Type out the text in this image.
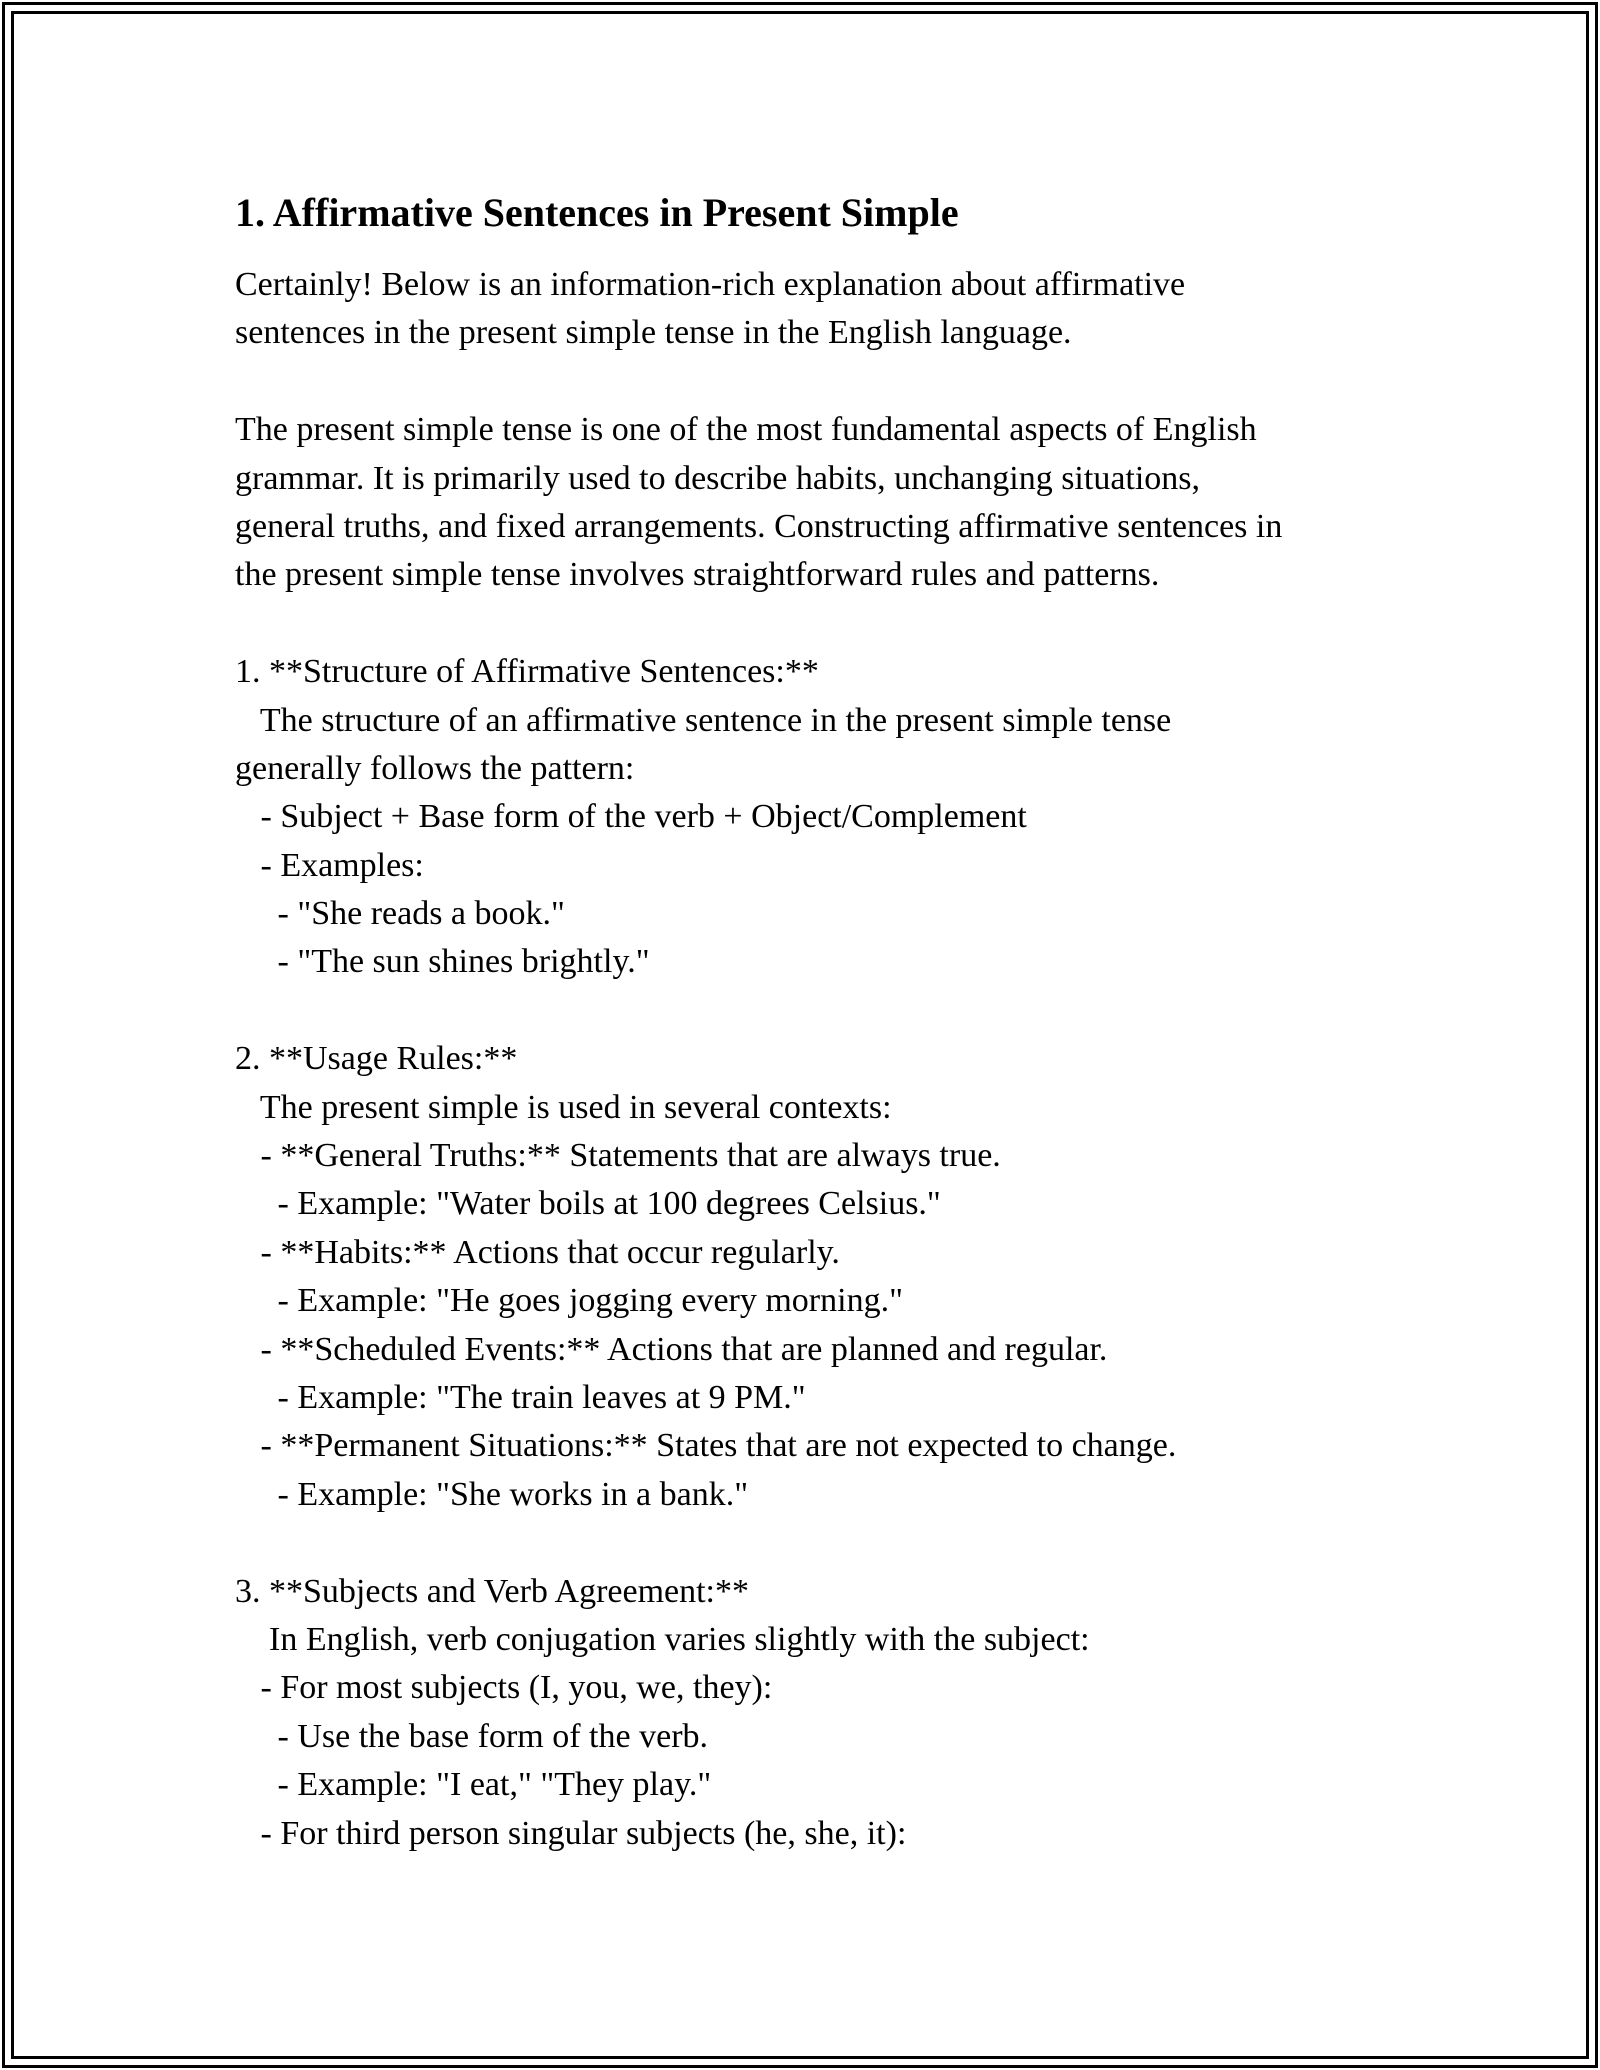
1. Affirmative Sentences in Present Simple
Certainly! Below is an information-rich explanation about affirmative
sentences in the present simple tense in the English language.
The present simple tense is one of the most fundamental aspects of English
grammar. It is primarily used to describe habits, unchanging situations,
general truths, and fixed arrangements. Constructing affirmative sentences in
the present simple tense involves straightforward rules and patterns.
1. **Structure of Affirmative Sentences:**
The structure of an affirmative sentence in the present simple tense
generally follows the pattern:
- Subject + Base form of the verb + Object/Complement
- Examples:
- "She reads a book."
- "The sun shines brightly."
2. **Usage Rules:**
The present simple is used in several contexts:
- **General Truths:** Statements that are always true.
- Example: "Water boils at 100 degrees Celsius."
- **Habits:** Actions that occur regularly.
- Example: "He goes jogging every morning."
- **Scheduled Events:** Actions that are planned and regular.
- Example: "The train leaves at 9 PM."
- **Permanent Situations:** States that are not expected to change.
- Example: "She works in a bank."
3. **Subjects and Verb Agreement:**
In English, verb conjugation varies slightly with the subject:
- For most subjects (I, you, we, they):
- Use the base form of the verb.
- Example: "I eat," "They play."
- For third person singular subjects (he, she, it):
